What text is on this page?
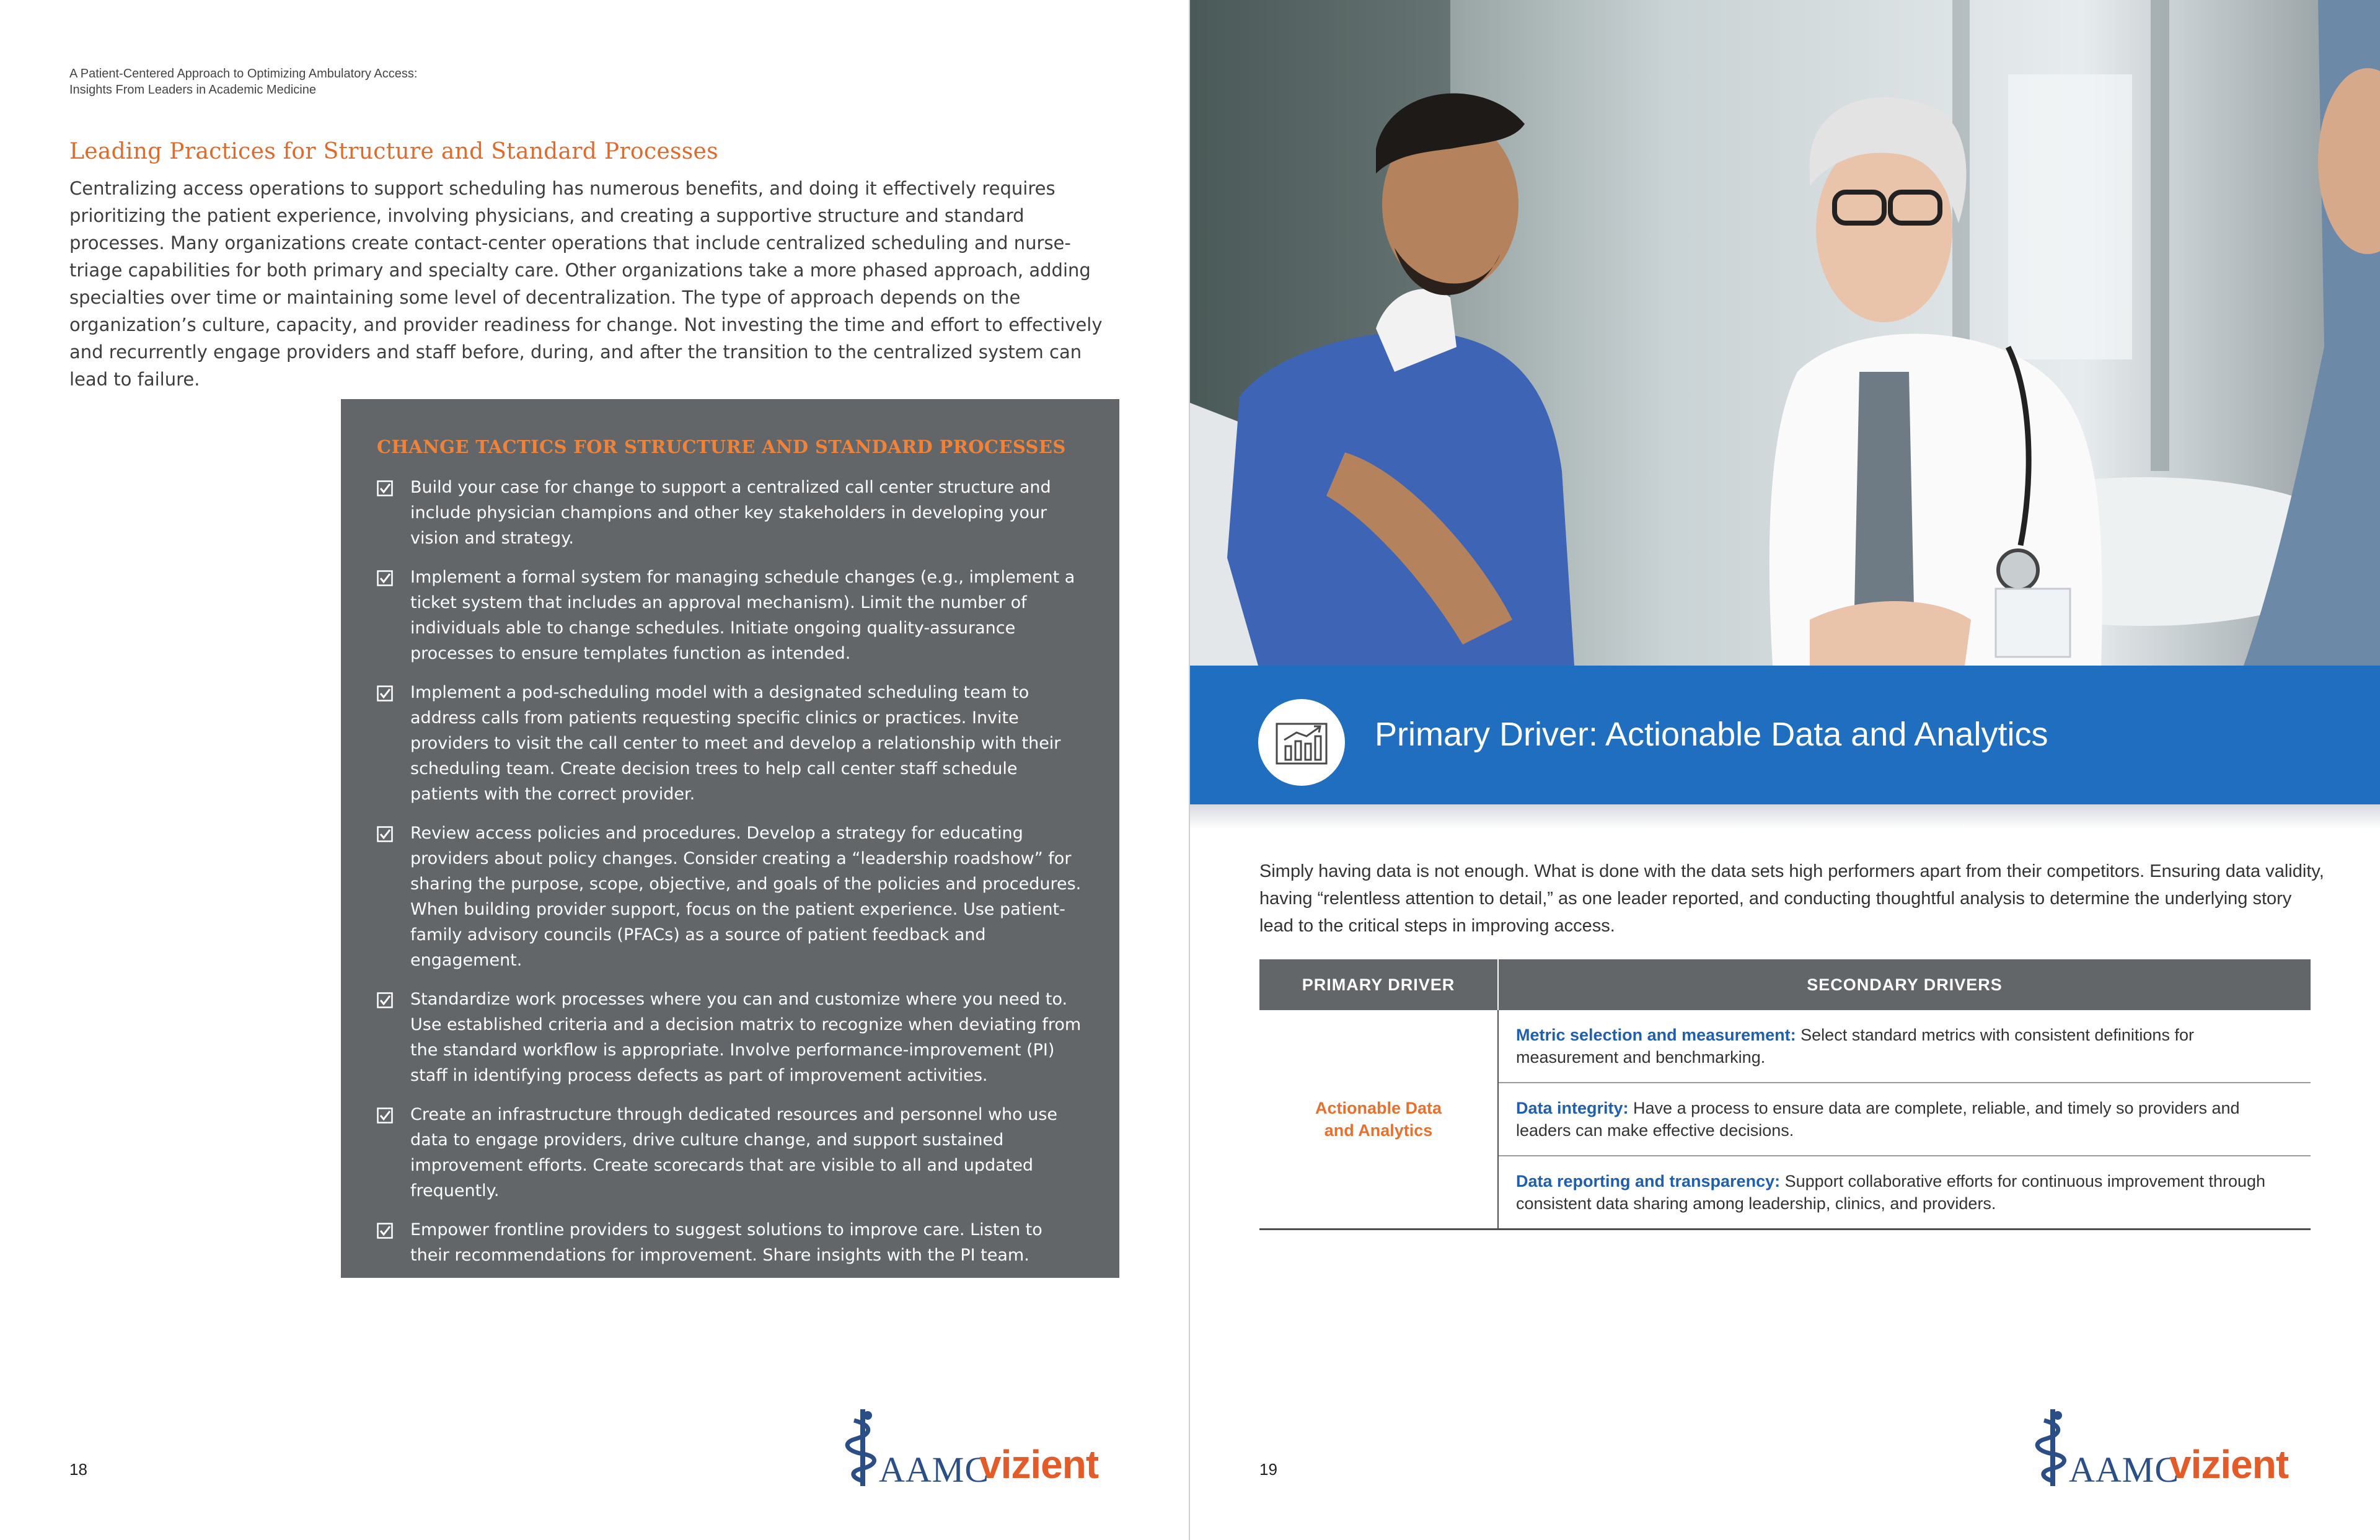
A Patient-Centered Approach to Optimizing Ambulatory Access:
Insights From Leaders in Academic Medicine
Leading Practices for Structure and Standard Processes
Centralizing access operations to support scheduling has numerous benefits, and doing it effectively requires prioritizing the patient experience, involving physicians, and creating a supportive structure and standard processes. Many organizations create contact-center operations that include centralized scheduling and nurse-triage capabilities for both primary and specialty care. Other organizations take a more phased approach, adding specialties over time or maintaining some level of decentralization. The type of approach depends on the organization’s culture, capacity, and provider readiness for change. Not investing the time and effort to effectively and recurrently engage providers and staff before, during, and after the transition to the centralized system can lead to failure.
CHANGE TACTICS FOR STRUCTURE AND STANDARD PROCESSES
Build your case for change to support a centralized call center structure and include physician champions and other key stakeholders in developing your vision and strategy.
Implement a formal system for managing schedule changes (e.g., implement a ticket system that includes an approval mechanism). Limit the number of individuals able to change schedules. Initiate ongoing quality-assurance processes to ensure templates function as intended.
Implement a pod-scheduling model with a designated scheduling team to address calls from patients requesting specific clinics or practices. Invite providers to visit the call center to meet and develop a relationship with their scheduling team. Create decision trees to help call center staff schedule patients with the correct provider.
Review access policies and procedures. Develop a strategy for educating providers about policy changes. Consider creating a “leadership roadshow” for sharing the purpose, scope, objective, and goals of the policies and procedures. When building provider support, focus on the patient experience. Use patient-family advisory councils (PFACs) as a source of patient feedback and engagement.
Standardize work processes where you can and customize where you need to. Use established criteria and a decision matrix to recognize when deviating from the standard workflow is appropriate. Involve performance-improvement (PI) staff in identifying process defects as part of improvement activities.
Create an infrastructure through dedicated resources and personnel who use data to engage providers, drive culture change, and support sustained improvement efforts. Create scorecards that are visible to all and updated frequently.
Empower frontline providers to suggest solutions to improve care. Listen to their recommendations for improvement. Share insights with the PI team.
18	AAMC
vizient
Primary Driver: Actionable Data and Analytics
Simply having data is not enough. What is done with the data sets high performers apart from their competitors. Ensuring data validity, having “relentless attention to detail,” as one leader reported, and conducting thoughtful analysis to determine the underlying story lead to the critical steps in improving access.
PRIMARY DRIVER	SECONDARY DRIVERS

Actionable Data and Analytics	Metric selection and measurement: Select standard metrics with consistent definitions for measurement and benchmarking.
	Data integrity: Have a process to ensure data are complete, reliable, and timely so providers and leaders can make effective decisions.
	Data reporting and transparency: Support collaborative efforts for continuous improvement through consistent data sharing among leadership, clinics, and providers.
19	AAMC
vizient
